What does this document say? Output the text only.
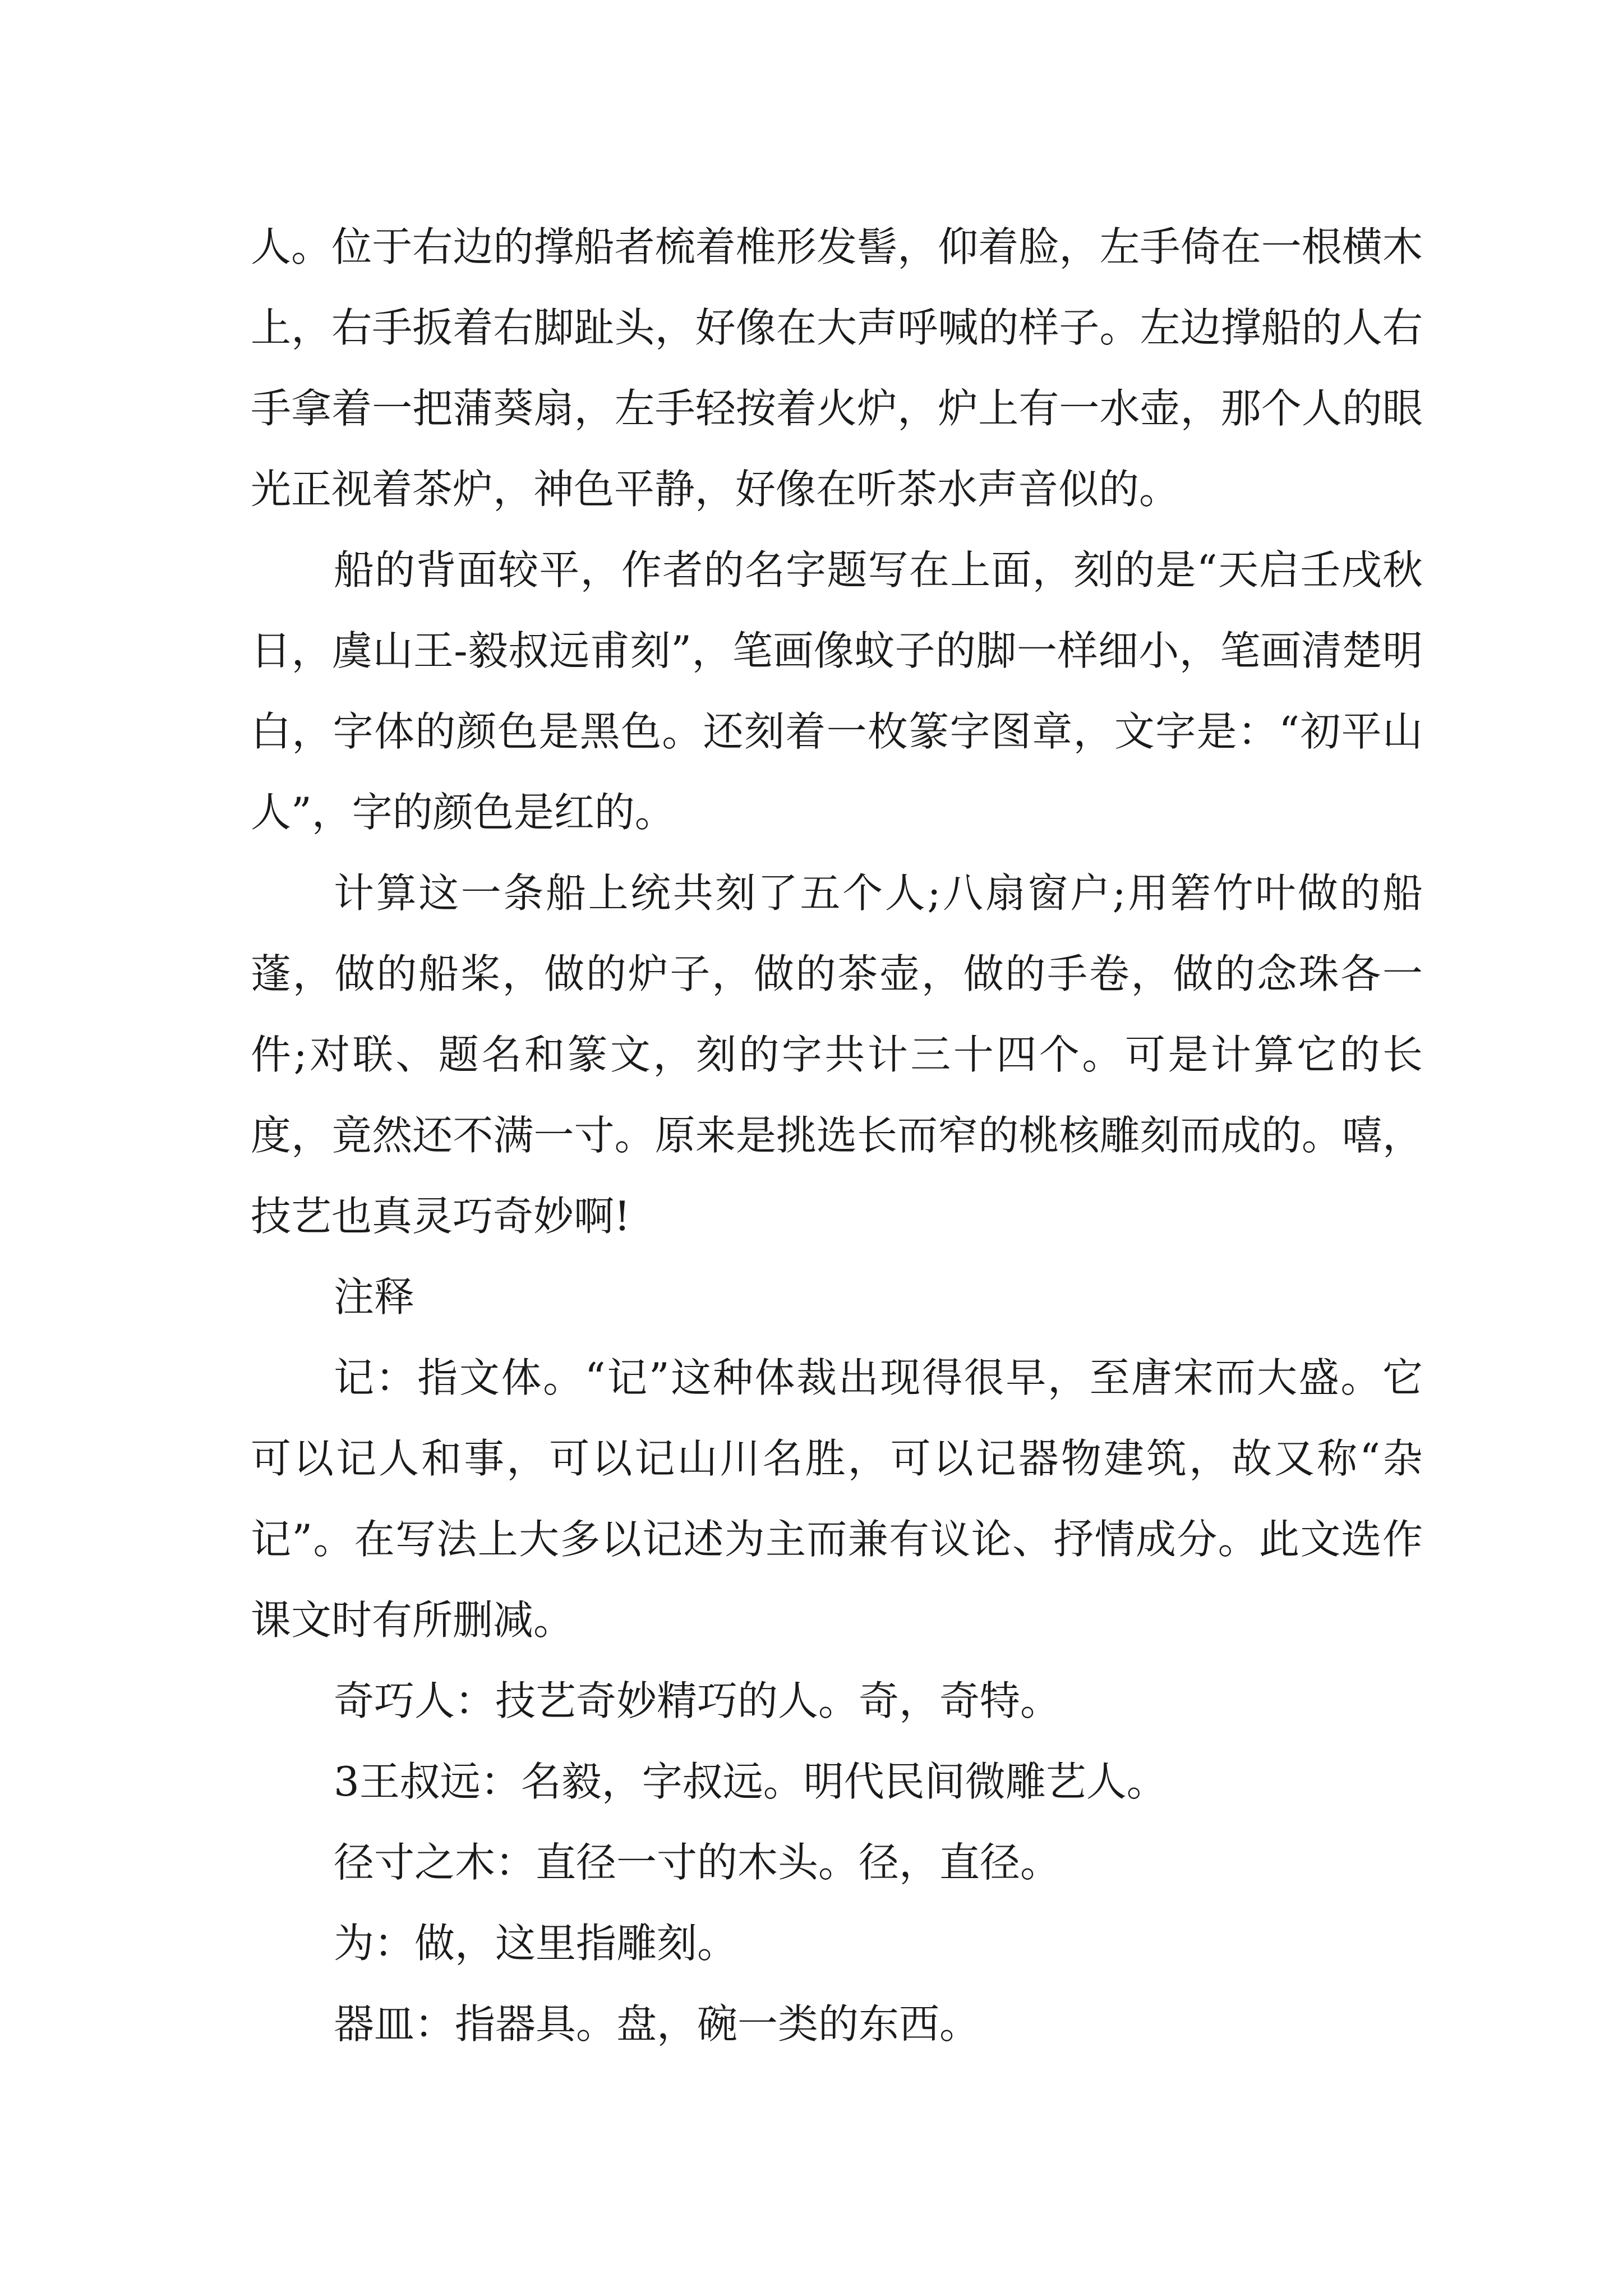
人。位于右边的撑船者梳着椎形发髻，仰着脸，左手倚在一根横木上，右手扳着右脚趾头，好像在大声呼喊的样子。左边撑船的人右手拿着一把蒲葵扇，左手轻按着火炉，炉上有一水壶，那个人的眼光正视着茶炉，神色平静，好像在听茶水声音似的。

船的背面较平，作者的名字题写在上面，刻的是“天启壬戌秋日，虞山王-毅叔远甫刻”，笔画像蚊子的脚一样细小，笔画清楚明白，字体的颜色是黑色。还刻着一枚篆字图章，文字是：“初平山人”，字的颜色是红的。

计算这一条船上统共刻了五个人;八扇窗户;用箬竹叶做的船蓬，做的船桨，做的炉子，做的茶壶，做的手卷，做的念珠各一件;对联、题名和篆文，刻的字共计三十四个。可是计算它的长度，竟然还不满一寸。原来是挑选长而窄的桃核雕刻而成的。嘻，技艺也真灵巧奇妙啊!

注释

记：指文体。“记”这种体裁出现得很早，至唐宋而大盛。它可以记人和事，可以记山川名胜，可以记器物建筑，故又称“杂记”。在写法上大多以记述为主而兼有议论、抒情成分。此文选作课文时有所删减。

奇巧人：技艺奇妙精巧的人。奇，奇特。

3王叔远：名毅，字叔远。明代民间微雕艺人。

径寸之木：直径一寸的木头。径，直径。

为：做，这里指雕刻。

器皿：指器具。盘，碗一类的东西。
